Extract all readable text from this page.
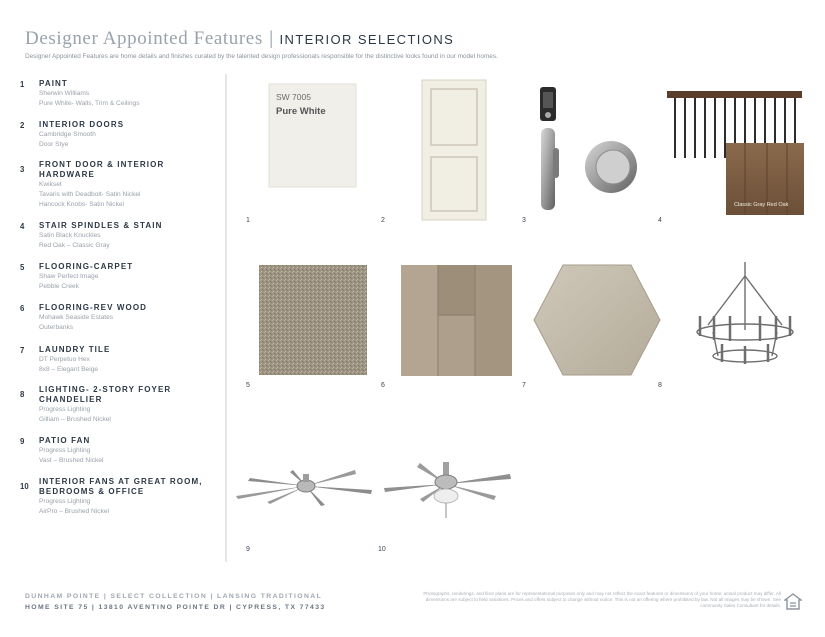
Designer Appointed Features | INTERIOR SELECTIONS
Designer Appointed Features are home details and finishes curated by the talented design professionals responsible for the distinctive looks found in our model homes.
1	PAINT
Sherwin Williams
Pure White- Walls, Trim & Ceilings
2	INTERIOR DOORS
Cambridge Smooth
Door Stye
3
FRONT DOOR & INTERIOR
HARDWARE
Kwikset
Tavaris with Deadbolt- Satin Nickel
Hancock Knobs- Satin Nickel
4	STAIR SPINDLES & STAIN
Satin Black Knuckles
Red Oak – Classic Gray
5	FLOORING-CARPET
Shaw Perfect Image
Pebble Creek
6	FLOORING-REV WOOD
Mohawk Seaside Estates
Outerbanks
7	LAUNDRY TILE
DT Perpetuo Hex
8x8 – Elegant Beige
8
LIGHTING- 2-STORY FOYER
CHANDELIER
Progress Lighting
Gilliam – Brushed Nickel
9	PATIO FAN
Progress Lighting
Vast – Brushed Nickel
10
INTERIOR FANS AT GREAT ROOM,
BEDROOMS & OFFICE
Progress Lighting
AirPro – Brushed Nickel
SW 7005
Pure White
Classic Gray Red Oak
1	2	3	4
5	6	7	8
9	10
DUNHAM POINTE | SELECT COLLECTION | LANSING TRADITIONAL
HOME SITE 75 | 13810 AVENTINO POINTE DR | CYPRESS, TX 77433
Photographs, renderings, and floor plans are for representational purposes only and may not reflect the exact features or dimensions of your home; actual product may differ. All dimensions are subject to field variations. Prices and offers subject to change without notice. This is not an offering where prohibited by law. Not all images may be shown. See community Sales Consultant for details.
